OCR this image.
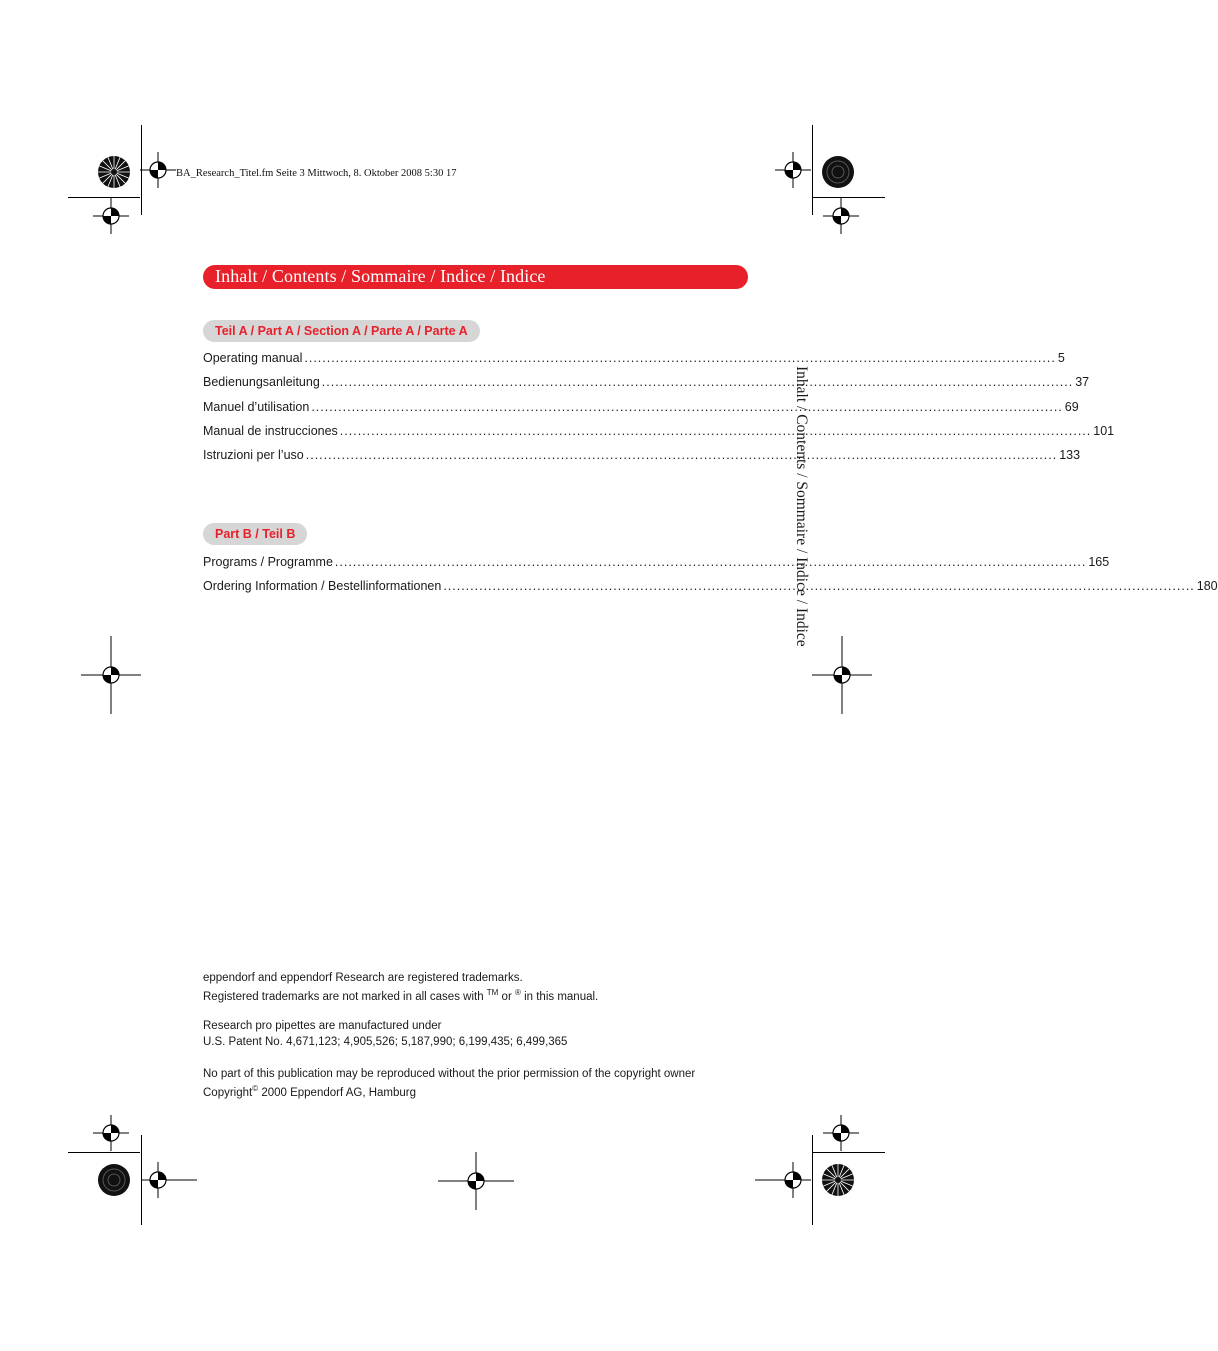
BA_Research_Titel.fm Seite 3 Mittwoch, 8. Oktober 2008 5:30 17
Inhalt / Contents / Sommaire / Indice / Indice
Teil A / Part A / Section A / Parte A / Parte A
Operating manual ........................................................................................................................................................................ 5
Bedienungsanleitung ........................................................................................................................................................................ 37
Manuel d’utilisation ........................................................................................................................................................................ 69
Manual de instrucciones ........................................................................................................................................................................ 101
Istruzioni per l’uso ........................................................................................................................................................................ 133
Part B / Teil B
Programs / Programme ........................................................................................................................................................................ 165
Ordering Information / Bestellinformationen ........................................................................................................................................................................ 180
Inhalt / Contents / Sommaire / Indice / Indice
eppendorf and eppendorf Research are registered trademarks.
Registered trademarks are not marked in all cases with ™ or ® in this manual.
Research pro pipettes are manufactured under
U.S. Patent No. 4,671,123; 4,905,526; 5,187,990; 6,199,435; 6,499,365
No part of this publication may be reproduced without the prior permission of the copyright owner
Copyright© 2000 Eppendorf AG, Hamburg
